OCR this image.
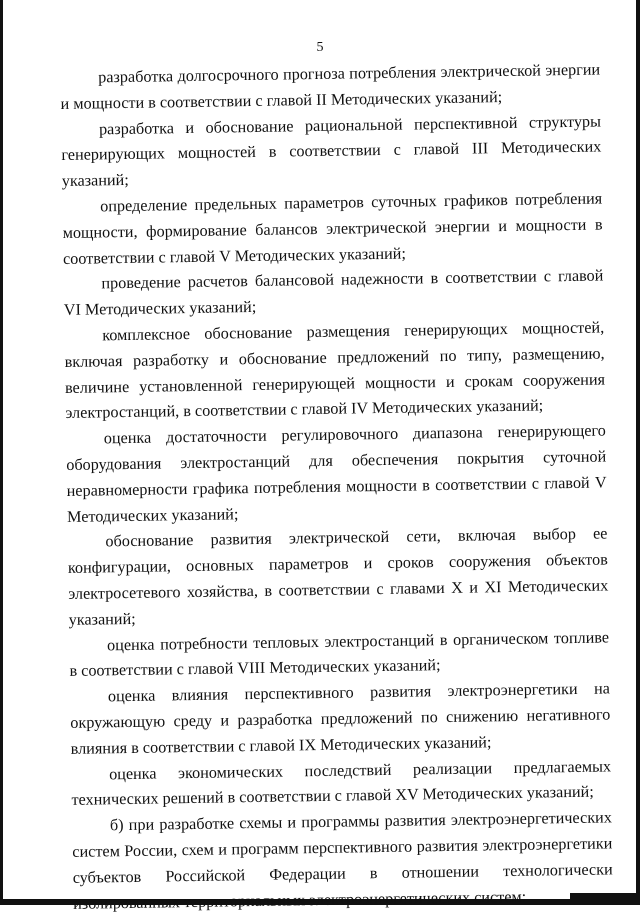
5

разработка долгосрочного прогноза потребления электрической энергии и мощности в соответствии с главой II Методических указаний;

разработка и обоснование рациональной перспективной структуры генерирующих мощностей в соответствии с главой III Методических указаний;

определение предельных параметров суточных графиков потребления мощности, формирование балансов электрической энергии и мощности в соответствии с главой V Методических указаний;

проведение расчетов балансовой надежности в соответствии с главой VI Методических указаний;

комплексное обоснование размещения генерирующих мощностей, включая разработку и обоснование предложений по типу, размещению, величине установленной генерирующей мощности и срокам сооружения электростанций, в соответствии с главой IV Методических указаний;

оценка достаточности регулировочного диапазона генерирующего оборудования электростанций для обеспечения покрытия суточной неравномерности графика потребления мощности в соответствии с главой V Методических указаний;

обоснование развития электрической сети, включая выбор ее конфигурации, основных параметров и сроков сооружения объектов электросетевого хозяйства, в соответствии с главами X и XI Методических указаний;

оценка потребности тепловых электростанций в органическом топливе в соответствии с главой VIII Методических указаний;

оценка влияния перспективного развития электроэнергетики на окружающую среду и разработка предложений по снижению негативного влияния в соответствии с главой IX Методических указаний;

оценка экономических последствий реализации предлагаемых технических решений в соответствии с главой XV Методических указаний;

б) при разработке схемы и программы развития электроэнергетических систем России, схем и программ перспективного развития электроэнергетики субъектов Российской Федерации в отношении технологически изолированных территориальных электроэнергетических систем:
